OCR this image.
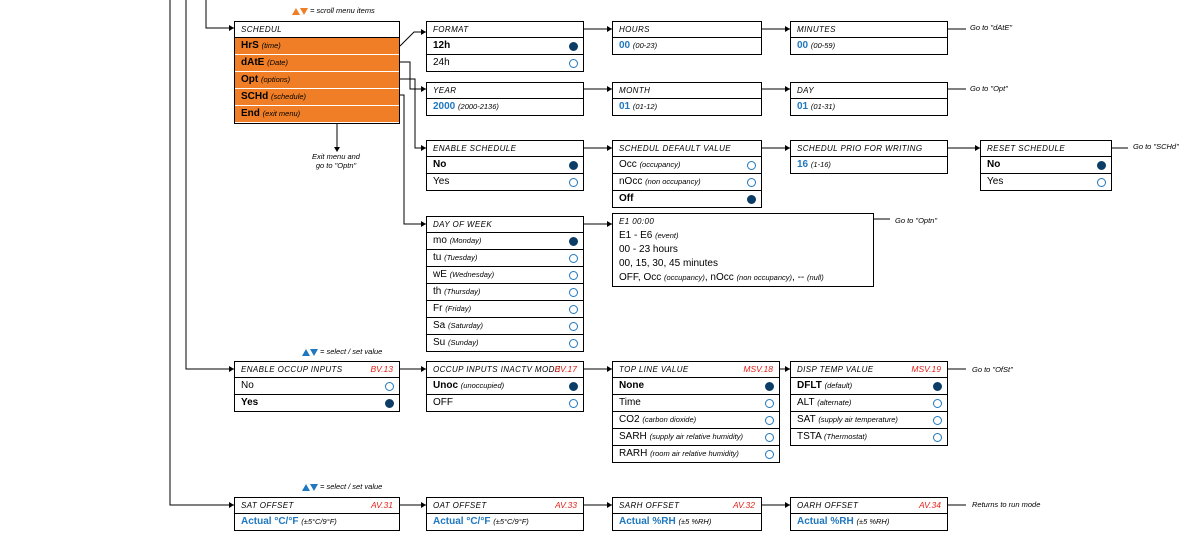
= scroll menu items
Exit menu and
go to "Optn"
= select / set value
= select / set value
Go to "dAtE"
Go to "Opt"
Go to "SCHd"
Go to "Optn"
Go to "OfSt"
Returns to run mode
SCHEDUL
HrS (time)
dAtE (Date)
Opt (options)
SCHd (schedule)
End (exit menu)
FORMAT
12h
24h
HOURS
00 (00-23)
MINUTES
00 (00-59)
YEAR
2000 (2000-2136)
MONTH
01 (01-12)
DAY
01 (01-31)
ENABLE SCHEDULE
No
Yes
SCHEDUL DEFAULT VALUE
Occ (occupancy)
nOcc (non occupancy)
Off
SCHEDUL PRIO FOR WRITING
16 (1-16)
RESET SCHEDULE
No
Yes
DAY OF WEEK
mo (Monday)
tu (Tuesday)
wE (Wednesday)
th (Thursday)
Fr (Friday)
Sa (Saturday)
Su (Sunday)
E1 00:00
E1 - E6 (event)
00 - 23 hours
00, 15, 30, 45 minutes
OFF, Occ (occupancy), nOcc (non occupancy), -- (null)
ENABLE OCCUP INPUTS	BV.13
No
Yes
OCCUP INPUTS INACTV MODE
BV.17
Unoc (unoccupied)
OFF
TOP LINE VALUE	MSV.18
None
Time
CO2 (carbon dioxide)
SARH (supply air relative humidity)
RARH (room air relative humidity)
DISP TEMP VALUE	MSV.19
DFLT (default)
ALT (alternate)
SAT (supply air temperature)
TSTA (Thermostat)
SAT OFFSET	AV.31
Actual °C/°F (±5°C/9°F)
OAT OFFSET	AV.33
Actual °C/°F (±5°C/9°F)
SARH OFFSET	AV.32
Actual %RH (±5 %RH)
OARH OFFSET	AV.34
Actual %RH (±5 %RH)
